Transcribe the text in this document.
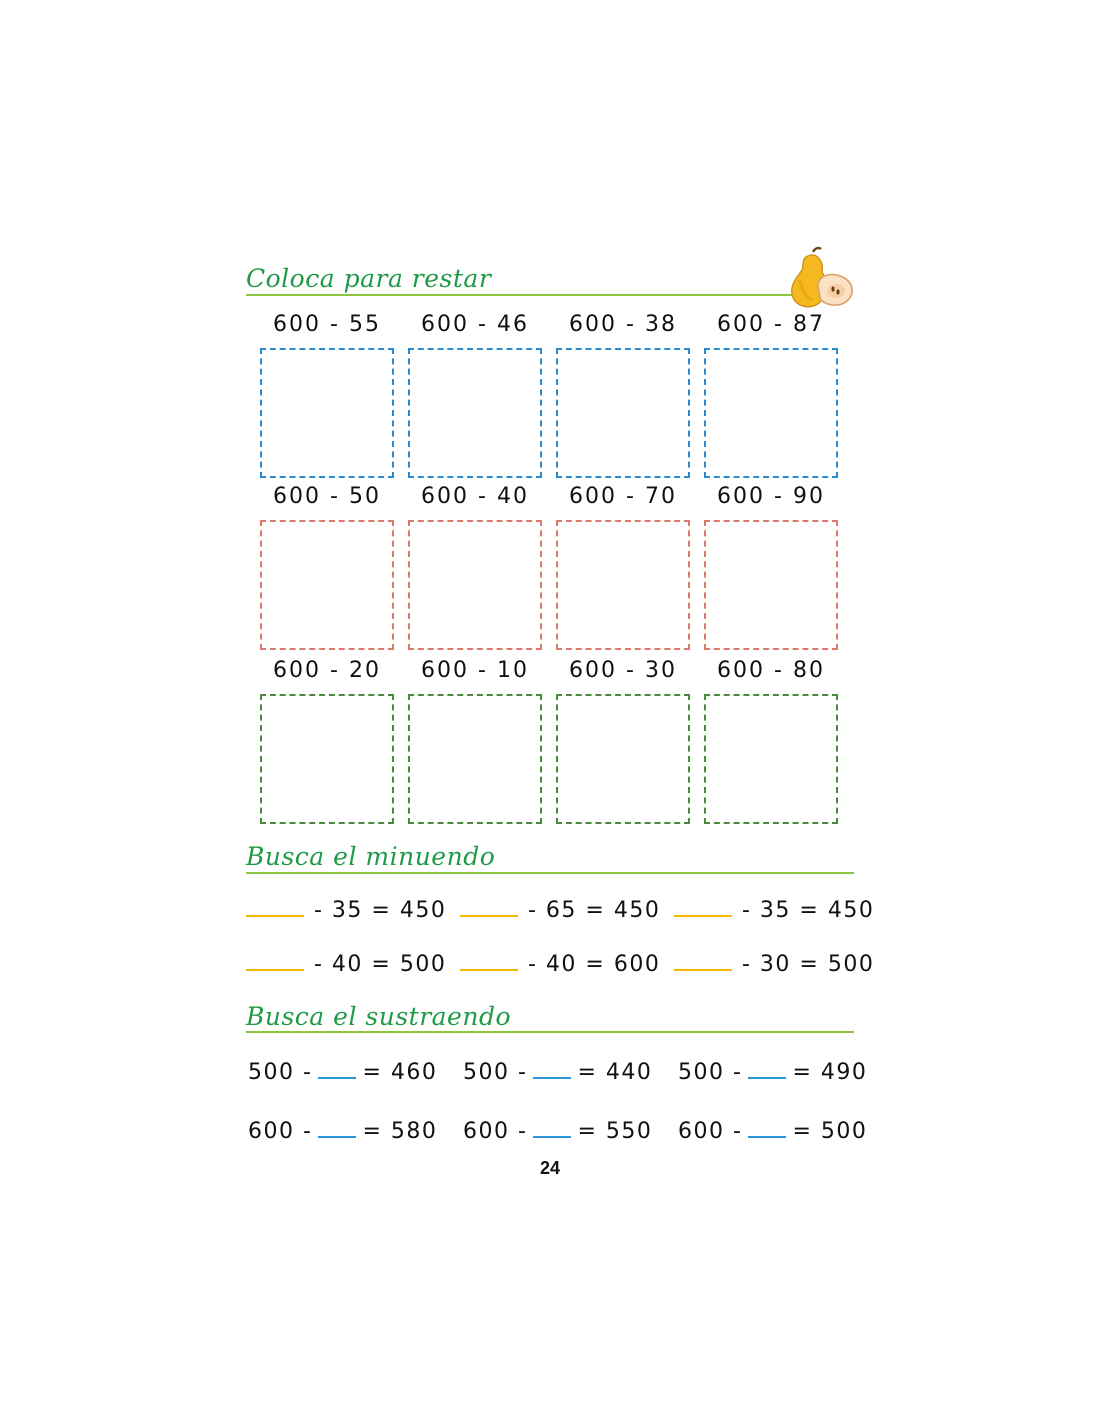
Coloca para restar
600 - 55	600 - 46	600 - 38	600 - 87
600 - 50	600 - 40	600 - 70	600 - 90
600 - 20	600 - 10	600 - 30	600 - 80
Busca el minuendo
- 35 = 450	- 65 = 450	- 35 = 450
- 40 = 500	- 40 = 600	- 30 = 500
Busca el sustraendo
500 - = 460 500 - = 440 500 - = 490
600 - = 580 600 - = 550 600 - = 500
24
